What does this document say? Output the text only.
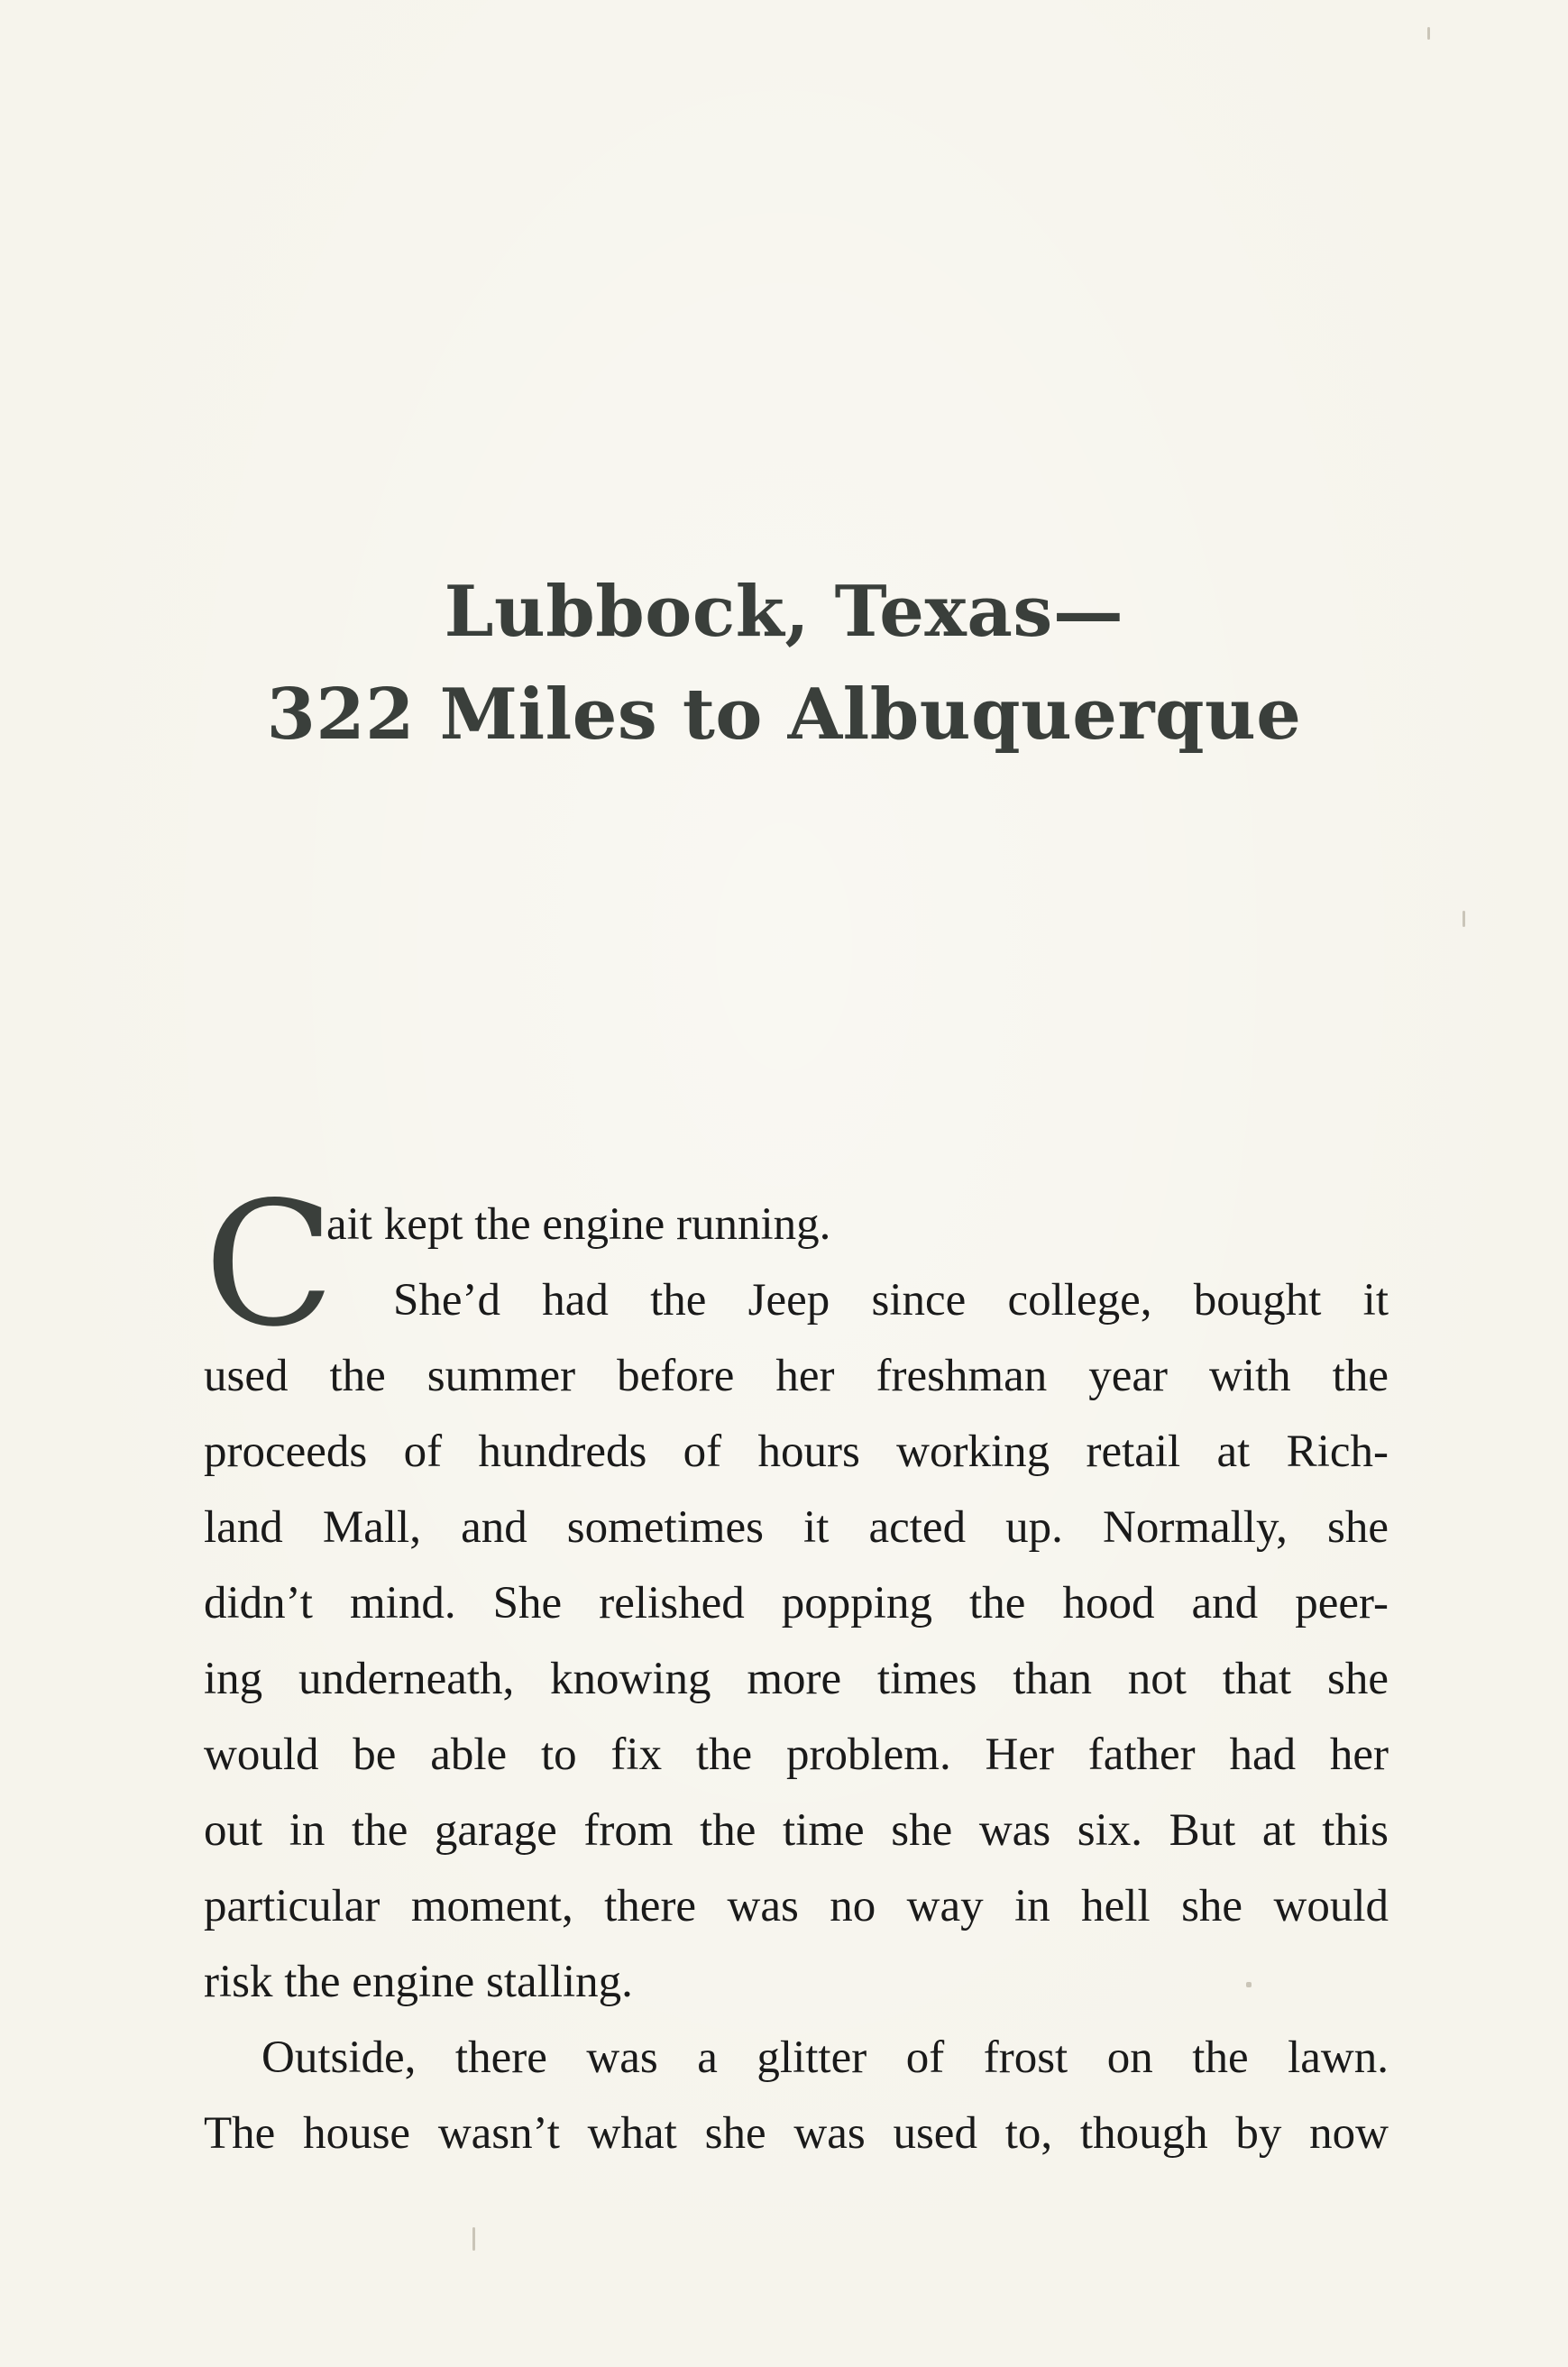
Lubbock, Texas—
322 Miles to Albuquerque
C
ait kept the engine running.
She’d had the Jeep since college, bought it
used the summer before her freshman year with the
proceeds of hundreds of hours working retail at Rich-
land Mall, and sometimes it acted up. Normally, she
didn’t mind. She relished popping the hood and peer-
ing underneath, knowing more times than not that she
would be able to fix the problem. Her father had her
out in the garage from the time she was six. But at this
particular moment, there was no way in hell she would
risk the engine stalling.
Outside, there was a glitter of frost on the lawn.
The house wasn’t what she was used to, though by now
